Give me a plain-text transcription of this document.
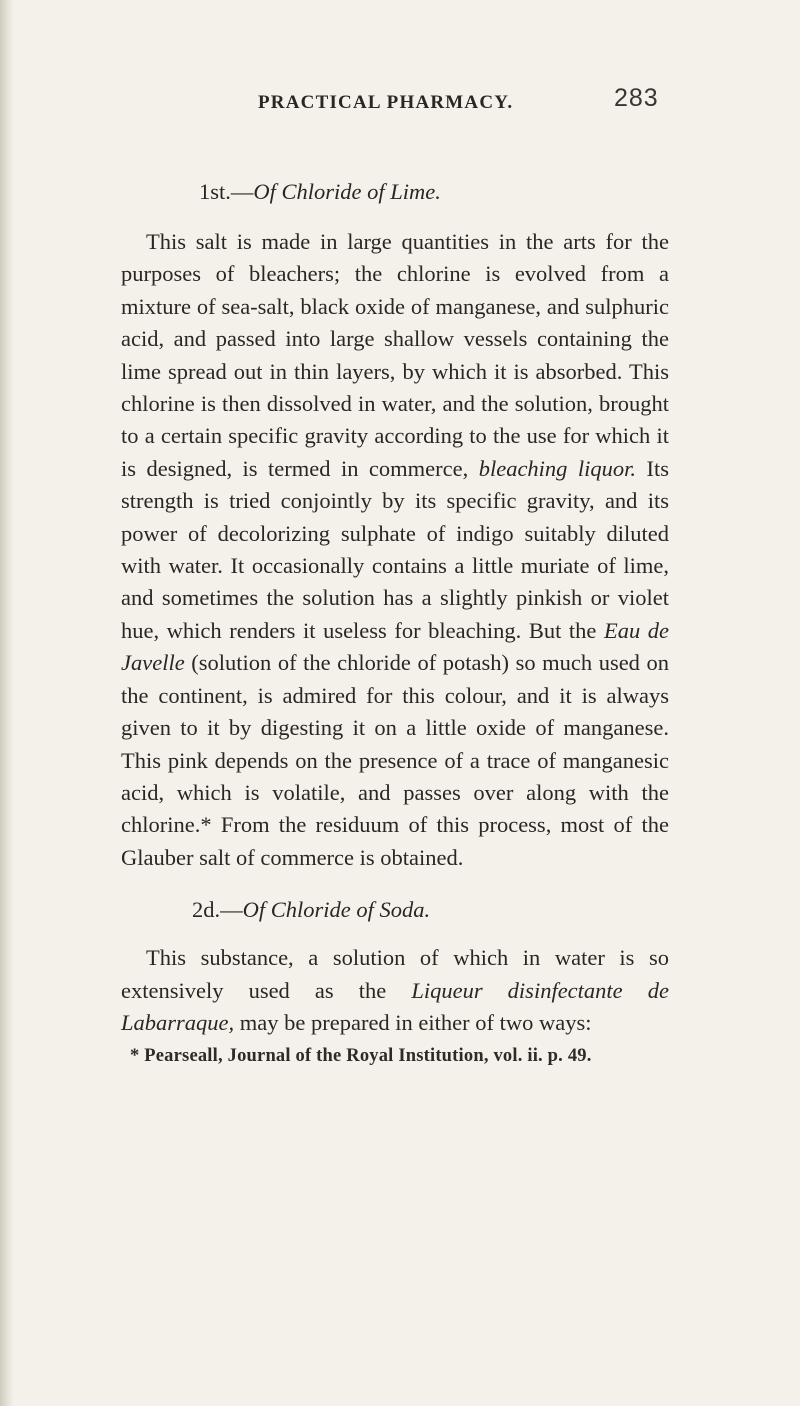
PRACTICAL PHARMACY.	283

1st.—Of Chloride of Lime.

This salt is made in large quantities in the arts for the purposes of bleachers; the chlorine is evolved from a mixture of sea-salt, black oxide of manganese, and sulphuric acid, and passed into large shallow vessels containing the lime spread out in thin layers, by which it is absorbed. This chlorine is then dissolved in water, and the solution, brought to a certain specific gravity according to the use for which it is designed, is termed in commerce, bleaching liquor. Its strength is tried conjointly by its specific gravity, and its power of decolorizing sulphate of indigo suitably diluted with water. It occasionally contains a little muriate of lime, and sometimes the solution has a slightly pinkish or violet hue, which renders it useless for bleaching. But the Eau de Javelle (solution of the chloride of potash) so much used on the continent, is admired for this colour, and it is always given to it by digesting it on a little oxide of manganese. This pink depends on the presence of a trace of manganesic acid, which is volatile, and passes over along with the chlorine.* From the residuum of this process, most of the Glauber salt of commerce is obtained.

2d.—Of Chloride of Soda.

This substance, a solution of which in water is so extensively used as the Liqueur disinfectante de Labarraque, may be prepared in either of two ways:

* Pearseall, Journal of the Royal Institution, vol. ii. p. 49.
